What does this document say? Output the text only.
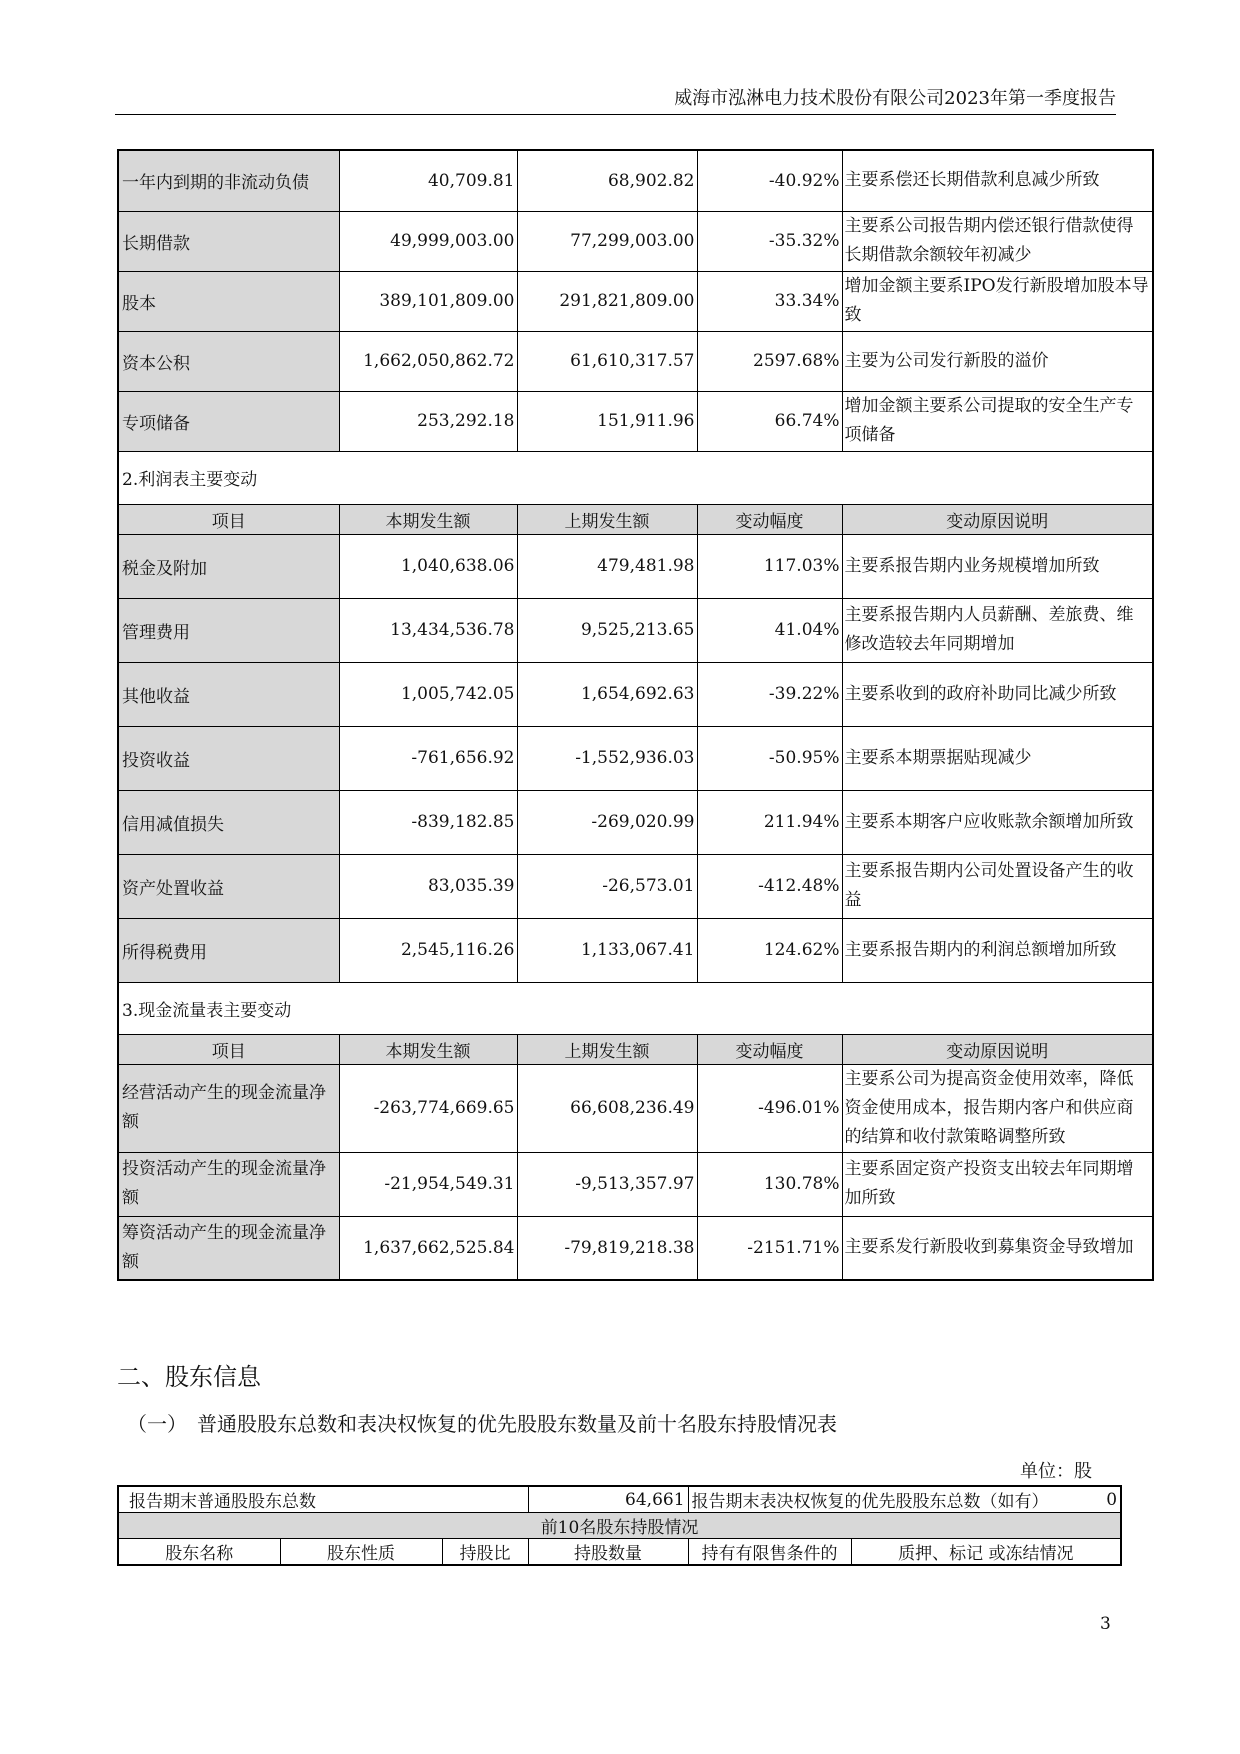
威海市泓淋电力技术股份有限公司2023年第一季度报告
一年内到期的非流动负债	40,709.81	68,902.82	-40.92%	主要系偿还长期借款利息减少所致
长期借款	49,999,003.00	77,299,003.00	-35.32%	主要系公司报告期内偿还银行借款使得长期借款余额较年初减少
股本	389,101,809.00	291,821,809.00	33.34%	增加金额主要系IPO发行新股增加股本导致
资本公积	1,662,050,862.72	61,610,317.57	2597.68%	主要为公司发行新股的溢价
专项储备	253,292.18	151,911.96	66.74%	增加金额主要系公司提取的安全生产专项储备
2.利润表主要变动				
项目	本期发生额	上期发生额	变动幅度	变动原因说明
税金及附加	1,040,638.06	479,481.98	117.03%	主要系报告期内业务规模增加所致
管理费用	13,434,536.78	9,525,213.65	41.04%	主要系报告期内人员薪酬、差旅费、维修改造较去年同期增加
其他收益	1,005,742.05	1,654,692.63	-39.22%	主要系收到的政府补助同比减少所致
投资收益	-761,656.92	-1,552,936.03	-50.95%	主要系本期票据贴现减少
信用减值损失	-839,182.85	-269,020.99	211.94%	主要系本期客户应收账款余额增加所致
资产处置收益	83,035.39	-26,573.01	-412.48%	主要系报告期内公司处置设备产生的收益
所得税费用	2,545,116.26	1,133,067.41	124.62%	主要系报告期内的利润总额增加所致
3.现金流量表主要变动				
项目	本期发生额	上期发生额	变动幅度	变动原因说明
经营活动产生的现金流量净额	-263,774,669.65	66,608,236.49	-496.01%	主要系公司为提高资金使用效率，降低资金使用成本，报告期内客户和供应商的结算和收付款策略调整所致
投资活动产生的现金流量净额	-21,954,549.31	-9,513,357.97	130.78%	主要系固定资产投资支出较去年同期增加所致
筹资活动产生的现金流量净额	1,637,662,525.84	-79,819,218.38	-2151.71%	主要系发行新股收到募集资金导致增加
二、股东信息
（一）　普通股股东总数和表决权恢复的优先股股东数量及前十名股东持股情况表
单位：股
报告期末普通股股东总数			64,661	报告期末表决权恢复的优先股股东总数（如有）	0
前10名股东持股情况					
股东名称	股东性质	持股比	持股数量	持有有限售条件的	质押、标记 或冻结情况
3
